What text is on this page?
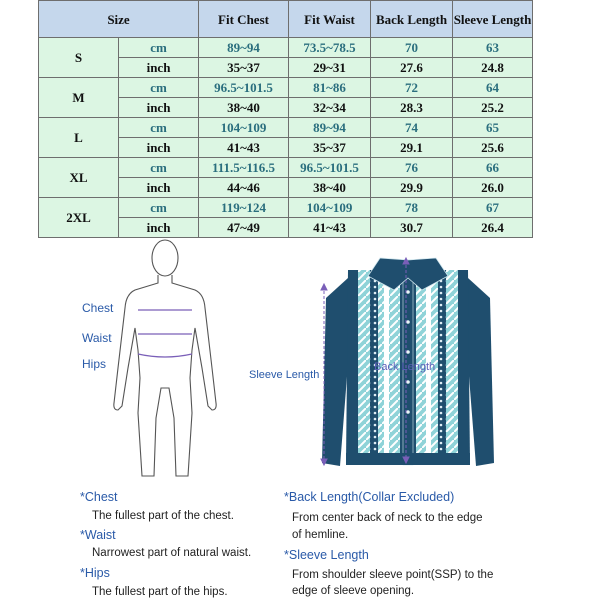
Size		Fit Chest	Fit Waist	Back Length	Sleeve Length
S	cm	89~94	73.5~78.5	70	63
	inch	35~37	29~31	27.6	24.8
M	cm	96.5~101.5	81~86	72	64
	inch	38~40	32~34	28.3	25.2
L	cm	104~109	89~94	74	65
	inch	41~43	35~37	29.1	25.6
XL	cm	111.5~116.5	96.5~101.5	76	66
	inch	44~46	38~40	29.9	26.0
2XL	cm	119~124	104~109	78	67
	inch	47~49	41~43	30.7	26.4
Chest
Waist
Hips
Sleeve Length
Back Length
*Chest
The fullest part of the chest.
*Waist
Narrowest part of natural waist.
*Hips
The fullest part of the hips.
*Back Length(Collar Excluded)
From center back of neck to the edge
of hemline.
*Sleeve Length
From shoulder sleeve point(SSP) to the
edge of sleeve opening.
